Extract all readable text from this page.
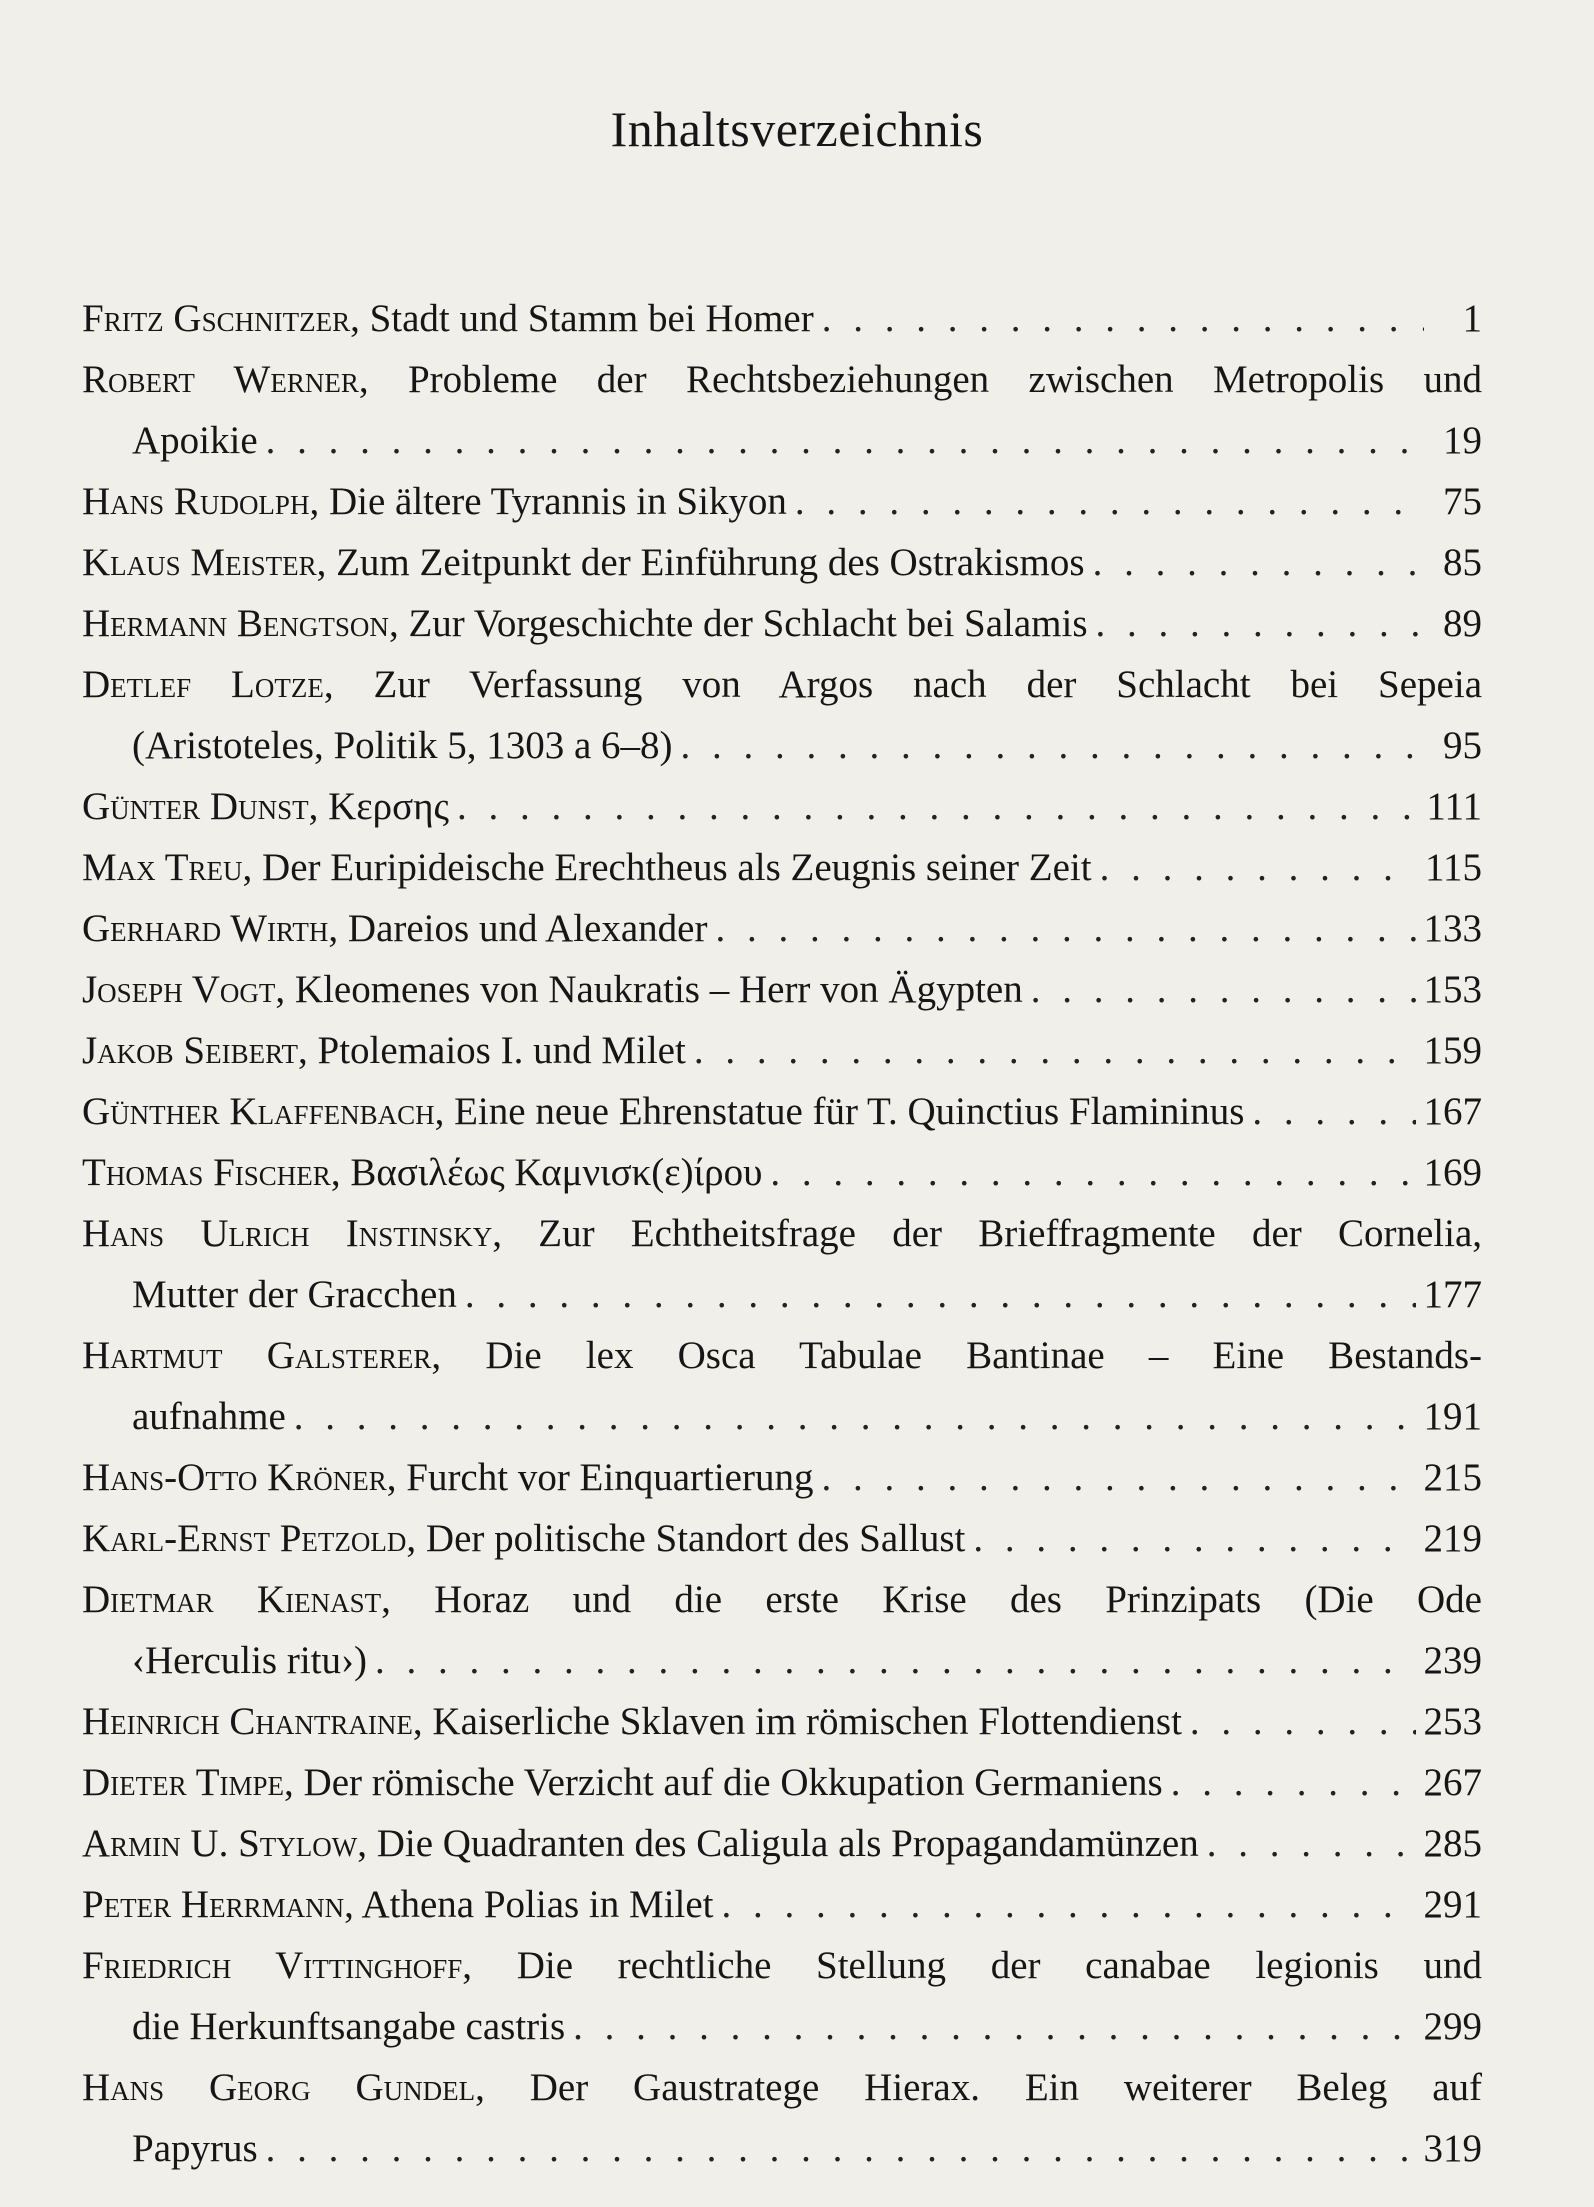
Inhaltsverzeichnis
Fritz Gschnitzer , Stadt und Stamm bei Homer . . .	1
Robert Werner, Probleme der Rechtsbeziehungen zwischen Metropolis und
Apoikie . . .	19
Hans Rudolph , Die ältere Tyrannis in Sikyon . . .	75
Klaus Meister , Zum Zeitpunkt der Einführung des Ostrakismos . . .	85
Hermann Bengtson , Zur Vorgeschichte der Schlacht bei Salamis . . .	89
Detlef Lotze, Zur Verfassung von Argos nach der Schlacht bei Sepeia
(Aristoteles, Politik 5, 1303 a 6–8) . . .	95
Günter Dunst , Κερσης . . .	111
Max Treu , Der Euripideische Erechtheus als Zeugnis seiner Zeit . . .	115
Gerhard Wirth , Dareios und Alexander . . .	133
Joseph Vogt , Kleomenes von Naukratis – Herr von Ägypten . . .	153
Jakob Seibert , Ptolemaios I. und Milet . . .	159
Günther Klaffenbach , Eine neue Ehrenstatue für T. Quinctius Flamininus . . .	167
Thomas Fischer , Βασιλέως Καμνισκ(ε)ίρου . . .	169
Hans Ulrich Instinsky, Zur Echtheitsfrage der Brieffragmente der Cornelia,
Mutter der Gracchen . . .	177
Hartmut Galsterer, Die lex Osca Tabulae Bantinae – Eine Bestands-
aufnahme . . .	191
Hans-Otto Kröner , Furcht vor Einquartierung . . .	215
Karl-Ernst Petzold , Der politische Standort des Sallust . . .	219
Dietmar Kienast, Horaz und die erste Krise des Prinzipats (Die Ode
‹Herculis ritu›) . . .	239
Heinrich Chantraine , Kaiserliche Sklaven im römischen Flottendienst . . .	253
Dieter Timpe , Der römische Verzicht auf die Okkupation Germaniens . . .	267
Armin U. Stylow , Die Quadranten des Caligula als Propagandamünzen . . .	285
Peter Herrmann , Athena Polias in Milet . . .	291
Friedrich Vittinghoff, Die rechtliche Stellung der canabae legionis und
die Herkunftsangabe castris . . .	299
Hans Georg Gundel, Der Gaustratege Hierax. Ein weiterer Beleg auf
Papyrus . . .	319
